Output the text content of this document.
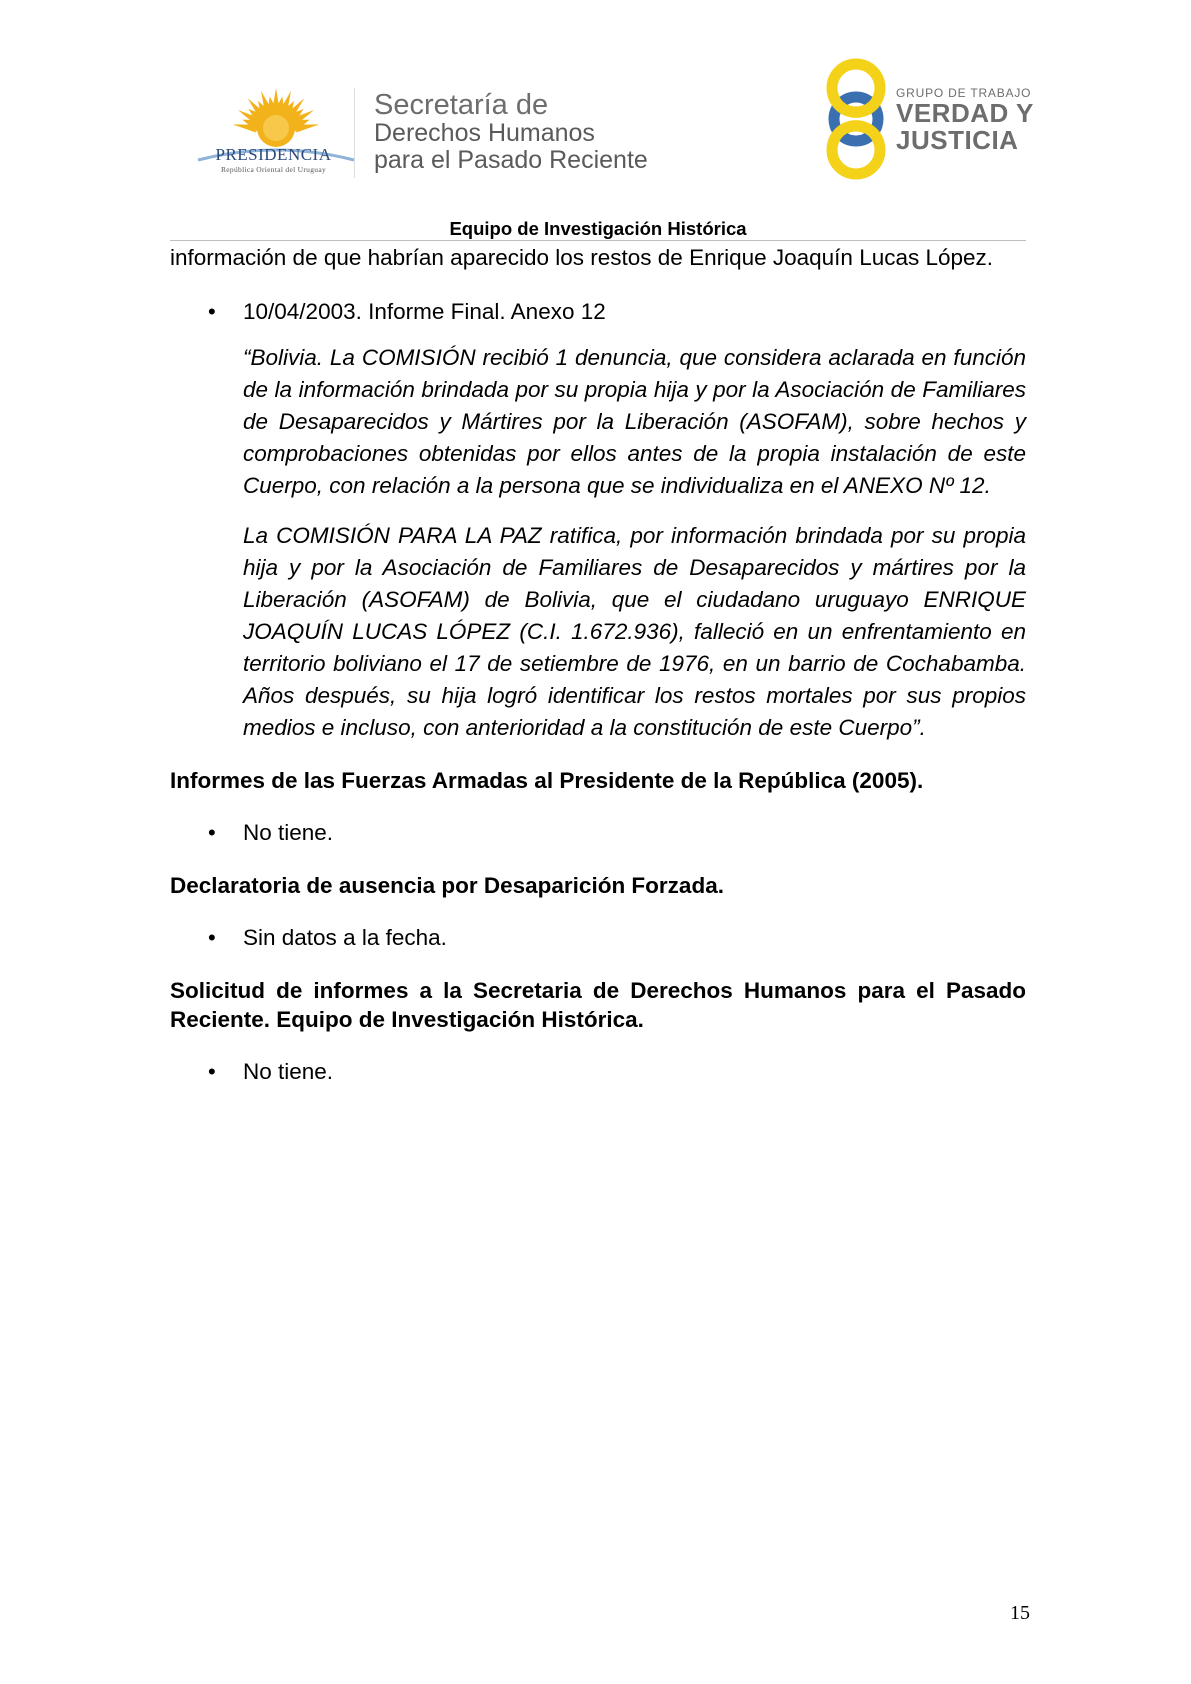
PRESIDENCIA
República Oriental del Uruguay
Secretaría de
Derechos Humanos
para el Pasado Reciente
GRUPO DE TRABAJO
VERDAD Y
JUSTICIA
Equipo de Investigación Histórica

información de que habrían aparecido los restos de Enrique Joaquín Lucas López.

• 10/04/2003. Informe Final. Anexo 12

“Bolivia. La COMISIÓN recibió 1 denuncia, que considera aclarada en función de la información brindada por su propia hija y por la Asociación de Familiares de Desaparecidos y Mártires por la Liberación (ASOFAM), sobre hechos y comprobaciones obtenidas por ellos antes de la propia instalación de este Cuerpo, con relación a la persona que se individualiza en el ANEXO Nº 12.

La COMISIÓN PARA LA PAZ ratifica, por información brindada por su propia hija y por la Asociación de Familiares de Desaparecidos y mártires por la Liberación (ASOFAM) de Bolivia, que el ciudadano uruguayo ENRIQUE JOAQUÍN LUCAS LÓPEZ (C.I. 1.672.936), falleció en un enfrentamiento en territorio boliviano el 17 de setiembre de 1976, en un barrio de Cochabamba. Años después, su hija logró identificar los restos mortales por sus propios medios e incluso, con anterioridad a la constitución de este Cuerpo”.

Informes de las Fuerzas Armadas al Presidente de la República (2005).

• No tiene.

Declaratoria de ausencia por Desaparición Forzada.

• Sin datos a la fecha.

Solicitud de informes a la Secretaria de Derechos Humanos para el Pasado Reciente. Equipo de Investigación Histórica.

• No tiene.
15
